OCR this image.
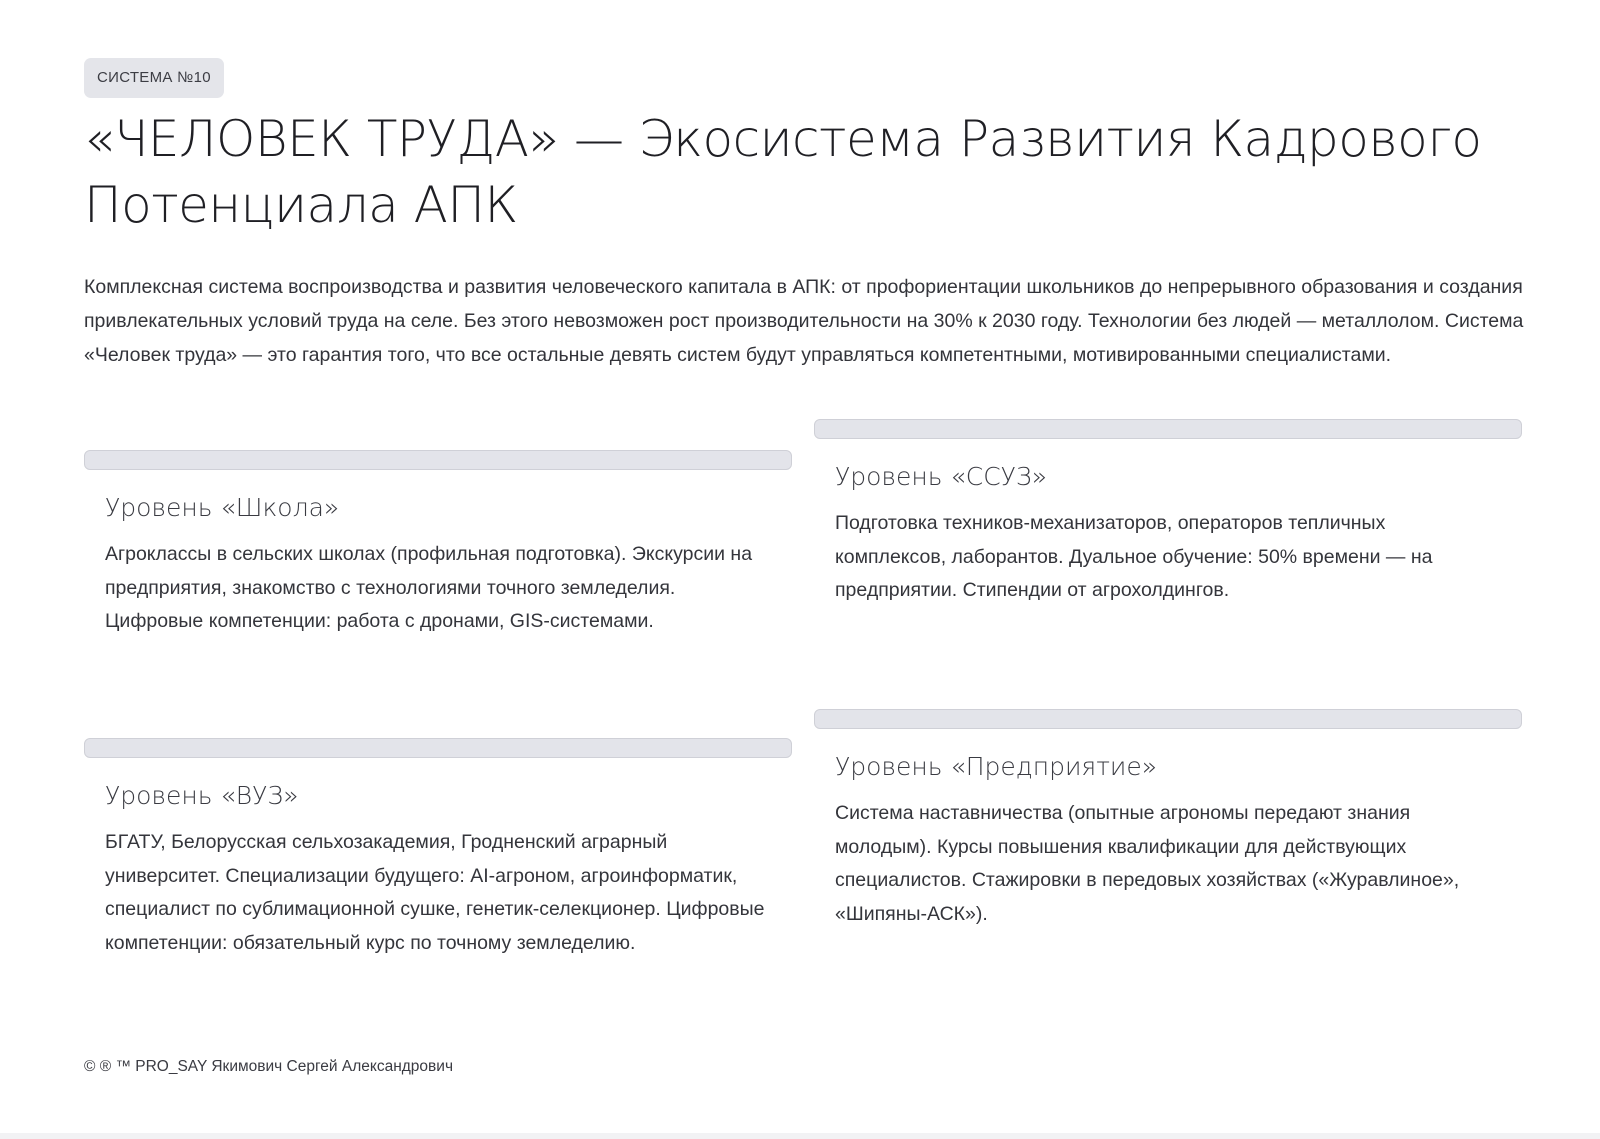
СИСТЕМА №10
«ЧЕЛОВЕК ТРУДА» — Экосистема Развития Кадрового Потенциала АПК

Комплексная система воспроизводства и развития человеческого капитала в АПК: от профориентации школьников до непрерывного образования и создания привлекательных условий труда на селе. Без этого невозможен рост производительности на 30% к 2030 году. Технологии без людей — металлолом. Система «Человек труда» — это гарантия того, что все остальные девять систем будут управляться компетентными, мотивированными специалистами.

Уровень «Школа»

Агроклассы в сельских школах (профильная подготовка). Экскурсии на предприятия, знакомство с технологиями точного земледелия. Цифровые компетенции: работа с дронами, GIS-системами.

Уровень «ССУЗ»

Подготовка техников-механизаторов, операторов тепличных комплексов, лаборантов. Дуальное обучение: 50% времени — на предприятии. Стипендии от агрохолдингов.

Уровень «ВУЗ»

БГАТУ, Белорусская сельхозакадемия, Гродненский аграрный университет. Специализации будущего: AI-агроном, агроинформатик, специалист по сублимационной сушке, генетик-селекционер. Цифровые компетенции: обязательный курс по точному земледелию.

Уровень «Предприятие»

Система наставничества (опытные агрономы передают знания молодым). Курсы повышения квалификации для действующих специалистов. Стажировки в передовых хозяйствах («Журавлиное», «Шипяны-АСК»).

© ® ™ PRO_SAY Якимович Сергей Александрович
